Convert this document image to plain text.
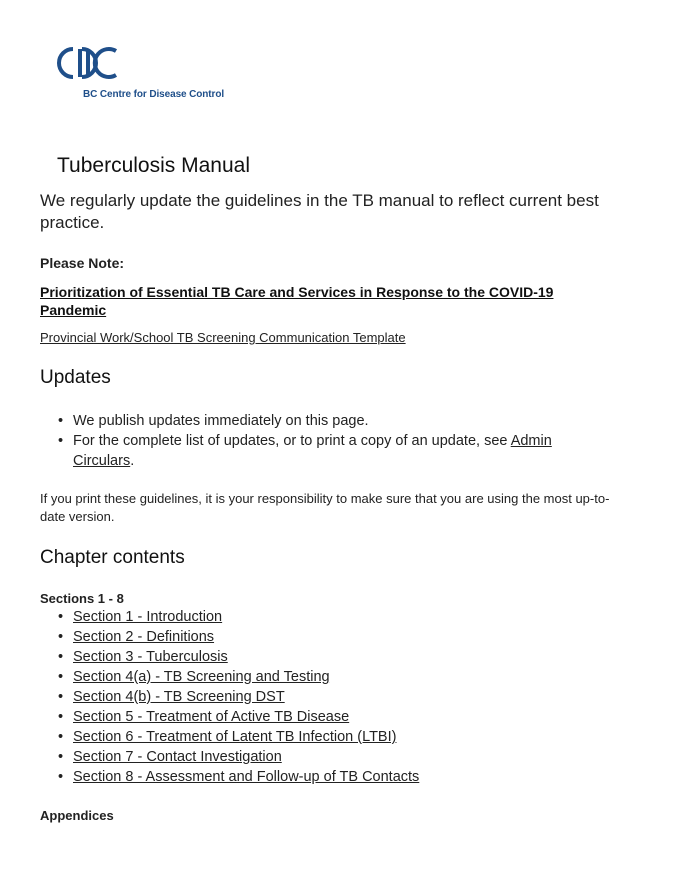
BC Centre for Disease Control
Tuberculosis Manual
We regularly update the guidelines in the TB manual to reflect current best practice.
Please Note:
Prioritization of Essential TB Care and Services in Response to the COVID-19 Pandemic
Provincial Work/School TB Screening Communication Template
Updates
• We publish updates immediately on this page.
• For the complete list of updates, or to print a copy of an update, see Admin Circulars.
If you print these guidelines, it is your responsibility to make sure that you are using the most up-to-date version.
Chapter contents
Sections 1 - 8
• Section 1 - Introduction
• Section 2 - Definitions
• Section 3 - Tuberculosis
• Section 4(a) - TB Screening and Testing
• Section 4(b) - TB Screening DST
• Section 5 - Treatment of Active TB Disease
• Section 6 - Treatment of Latent TB Infection (LTBI)
• Section 7 - Contact Investigation
• Section 8 - Assessment and Follow-up of TB Contacts
Appendices
